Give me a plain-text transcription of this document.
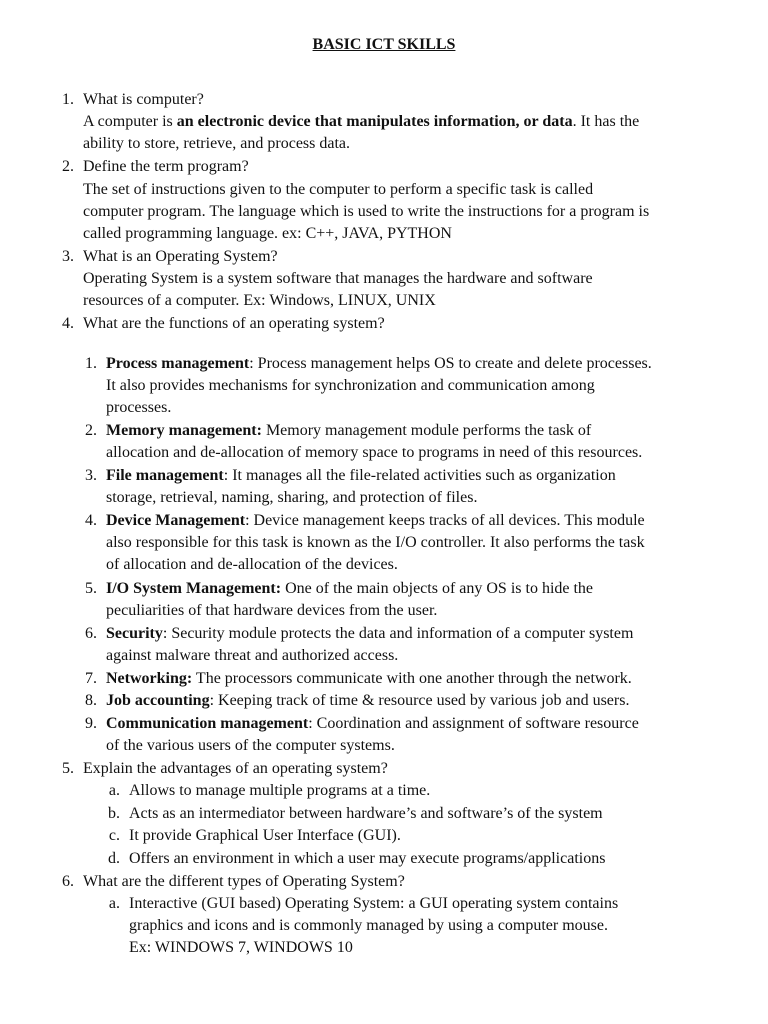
BASIC ICT SKILLS
1. What is computer?
A computer is an electronic device that manipulates information, or data. It has the
ability to store, retrieve, and process data.
2. Define the term program?
The set of instructions given to the computer to perform a specific task is called
computer program. The language which is used to write the instructions for a program is
called programming language. ex: C++, JAVA, PYTHON
3. What is an Operating System?
Operating System is a system software that manages the hardware and software
resources of a computer. Ex: Windows, LINUX, UNIX
4. What are the functions of an operating system?
1. Process management: Process management helps OS to create and delete processes.
It also provides mechanisms for synchronization and communication among
processes.
2. Memory management: Memory management module performs the task of
allocation and de-allocation of memory space to programs in need of this resources.
3. File management: It manages all the file-related activities such as organization
storage, retrieval, naming, sharing, and protection of files.
4. Device Management: Device management keeps tracks of all devices. This module
also responsible for this task is known as the I/O controller. It also performs the task
of allocation and de-allocation of the devices.
5. I/O System Management: One of the main objects of any OS is to hide the
peculiarities of that hardware devices from the user.
6. Security: Security module protects the data and information of a computer system
against malware threat and authorized access.
7. Networking: The processors communicate with one another through the network.
8. Job accounting: Keeping track of time & resource used by various job and users.
9. Communication management: Coordination and assignment of software resource
of the various users of the computer systems.
5. Explain the advantages of an operating system?
a. Allows to manage multiple programs at a time.
b. Acts as an intermediator between hardware’s and software’s of the system
c. It provide Graphical User Interface (GUI).
d. Offers an environment in which a user may execute programs/applications
6. What are the different types of Operating System?
a. Interactive (GUI based) Operating System: a GUI operating system contains
graphics and icons and is commonly managed by using a computer mouse.
Ex: WINDOWS 7, WINDOWS 10
